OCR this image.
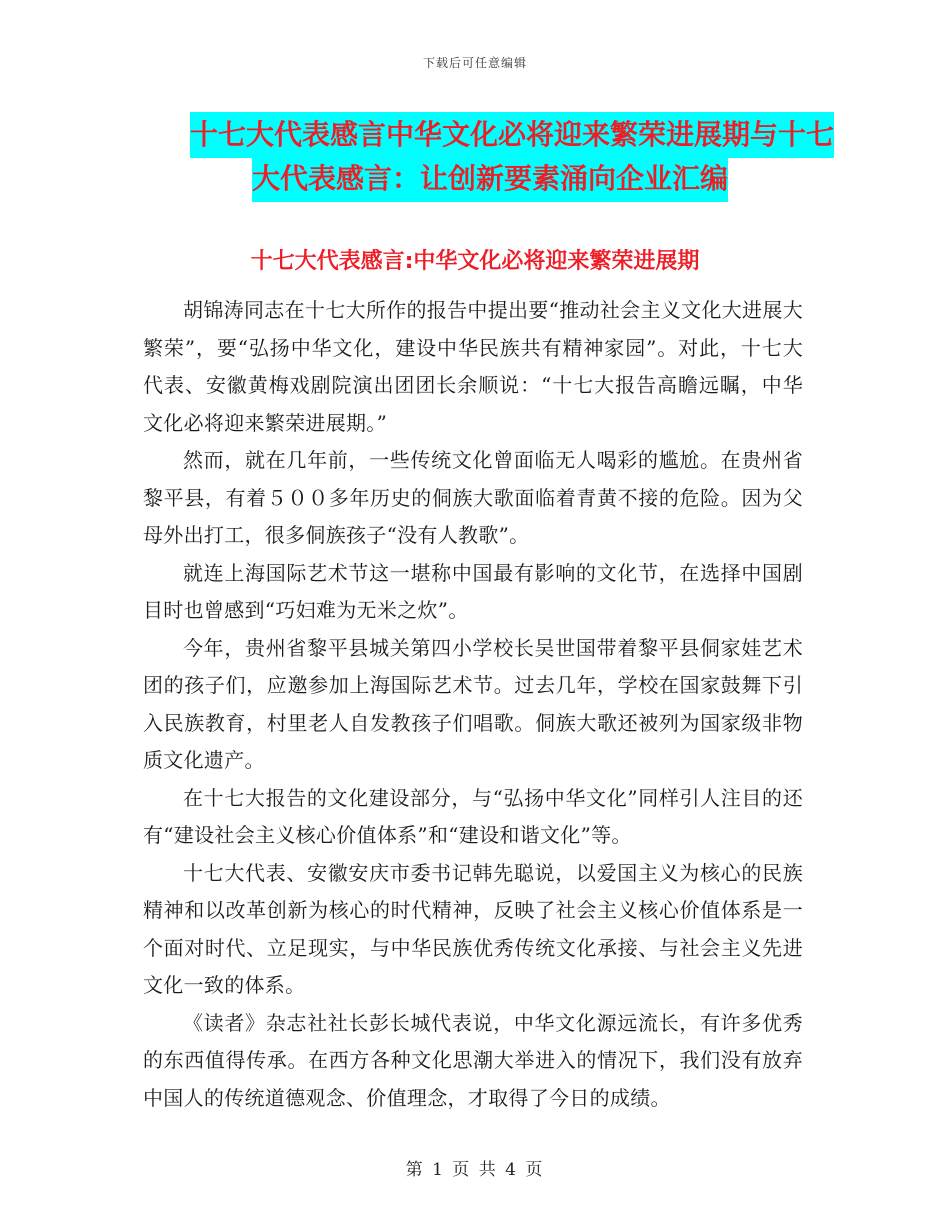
下载后可任意编辑
十七大代表感言中华文化必将迎来繁荣进展期与十七
大代表感言：让创新要素涌向企业汇编
十七大代表感言:中华文化必将迎来繁荣进展期

胡锦涛同志在十七大所作的报告中提出要“推动社会主义文化大进展大繁荣”，要“弘扬中华文化，建设中华民族共有精神家园”。对此，十七大代表、安徽黄梅戏剧院演出团团长余顺说：“十七大报告高瞻远瞩，中华文化必将迎来繁荣进展期。”

然而，就在几年前，一些传统文化曾面临无人喝彩的尴尬。在贵州省黎平县，有着５００多年历史的侗族大歌面临着青黄不接的危险。因为父母外出打工，很多侗族孩子“没有人教歌”。

就连上海国际艺术节这一堪称中国最有影响的文化节，在选择中国剧目时也曾感到“巧妇难为无米之炊”。

今年，贵州省黎平县城关第四小学校长吴世国带着黎平县侗家娃艺术团的孩子们，应邀参加上海国际艺术节。过去几年，学校在国家鼓舞下引入民族教育，村里老人自发教孩子们唱歌。侗族大歌还被列为国家级非物质文化遗产。

在十七大报告的文化建设部分，与“弘扬中华文化”同样引人注目的还有“建设社会主义核心价值体系”和“建设和谐文化”等。

十七大代表、安徽安庆市委书记韩先聪说，以爱国主义为核心的民族精神和以改革创新为核心的时代精神，反映了社会主义核心价值体系是一个面对时代、立足现实，与中华民族优秀传统文化承接、与社会主义先进文化一致的体系。

《读者》杂志社社长彭长城代表说，中华文化源远流长，有许多优秀的东西值得传承。在西方各种文化思潮大举进入的情况下，我们没有放弃中国人的传统道德观念、价值理念，才取得了今日的成绩。

第 1 页 共 4 页
